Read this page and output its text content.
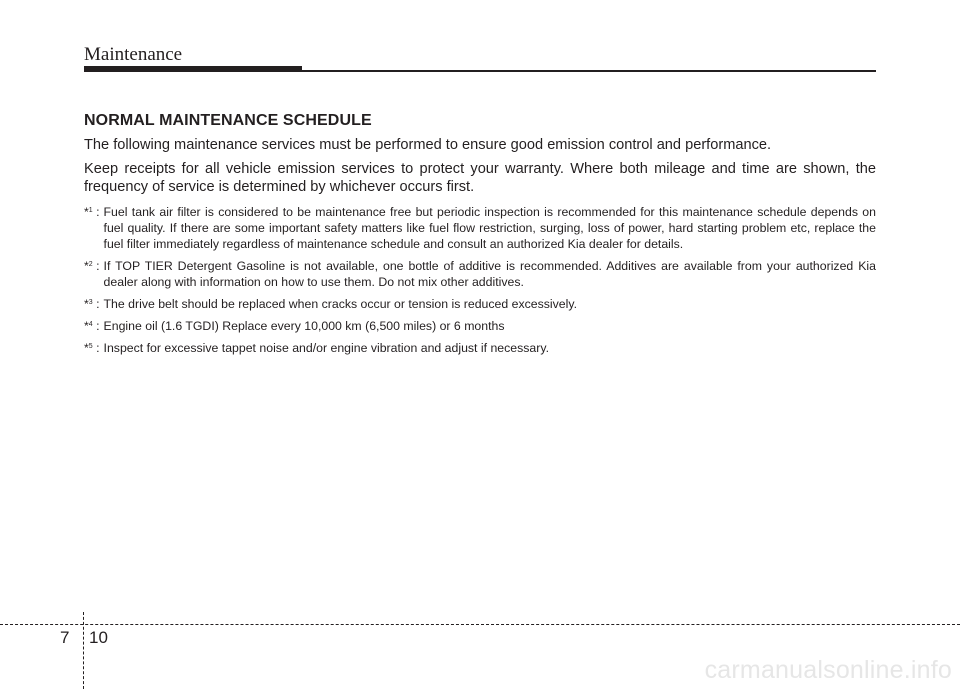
Maintenance
NORMAL MAINTENANCE SCHEDULE

The following maintenance services must be performed to ensure good emission control and performance.

Keep receipts for all vehicle emission services to protect your warranty. Where both mileage and time are shown, the frequency of service is determined by whichever occurs first.

*$^1$ : Fuel tank air filter is considered to be maintenance free but periodic inspection is recommended for this maintenance schedule depends on fuel quality. If there are some important safety matters like fuel flow restriction, surging, loss of power, hard starting problem etc, replace the fuel filter immediately regardless of maintenance schedule and consult an authorized Kia dealer for details.
*$^2$ : If TOP TIER Detergent Gasoline is not available, one bottle of additive is recommended. Additives are available from your authorized Kia dealer along with information on how to use them. Do not mix other additives.
*$^3$ : The drive belt should be replaced when cracks occur or tension is reduced excessively.
*$^4$ : Engine oil (1.6 TGDI) Replace every 10,000 km (6,500 miles) or 6 months
*$^5$ : Inspect for excessive tappet noise and/or engine vibration and adjust if necessary.
7 10
carmanualsonline.info
